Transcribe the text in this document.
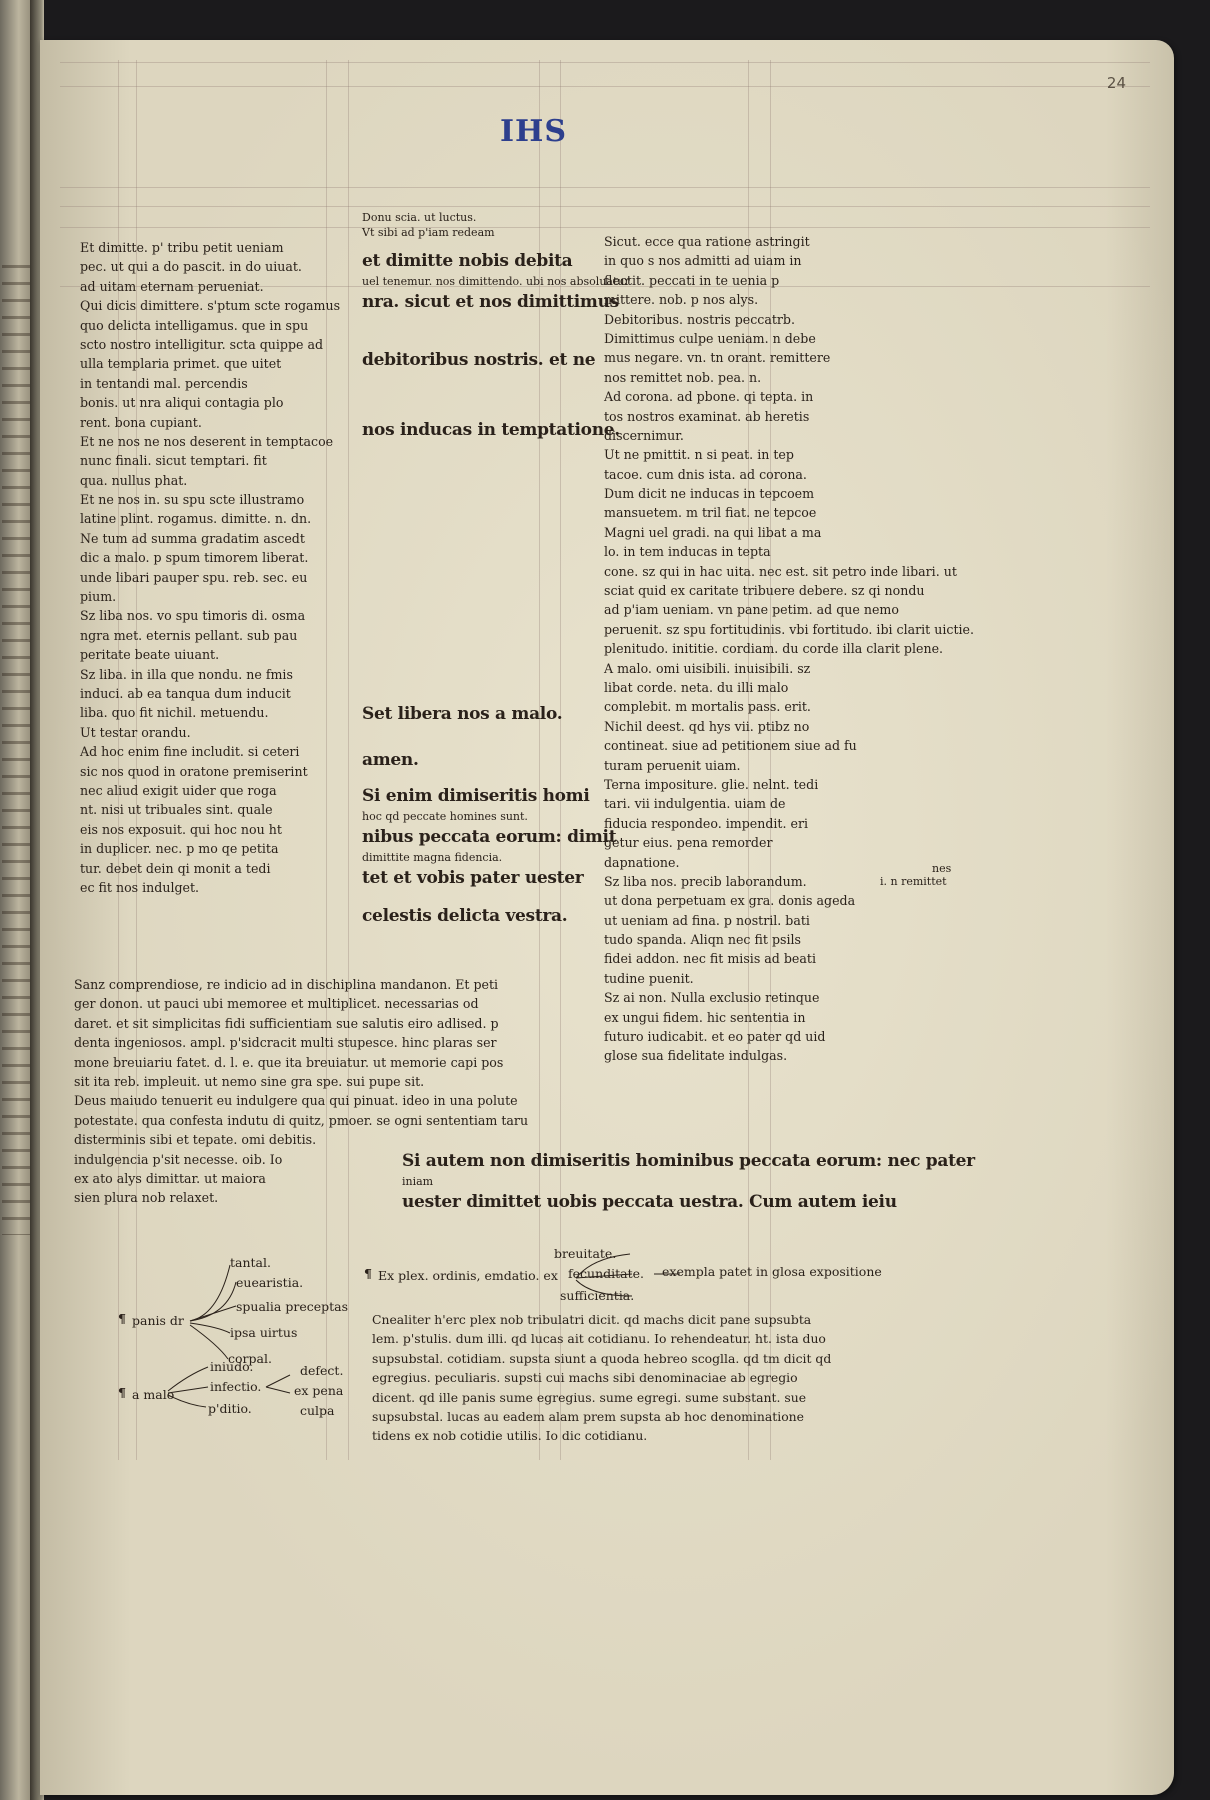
24
IHS
Et dimitte. p' tribu petit ueniam
pec. ut qui a do pascit. in do uiuat.
ad uitam eternam perueniat.
Qui dicis dimittere. s'ptum scte rogamus
quo delicta intelligamus. que in spu
scto nostro intelligitur. scta quippe ad
ulla templaria primet. que uitet
in tentandi mal. percendis
bonis. ut nra aliqui contagia plo
rent. bona cupiant.
Et ne nos ne nos deserent in temptacoe
nunc finali. sicut temptari. fit
qua. nullus phat.
Et ne nos in. su spu scte illustramo
latine plint. rogamus. dimitte. n. dn.
Ne tum ad summa gradatim ascedt
dic a malo. p spum timorem liberat.
unde libari pauper spu. reb. sec. eu
pium.
Sz liba nos. vo spu timoris di. osma
ngra met. eternis pellant. sub pau
peritate beate uiuant.
Sz liba. in illa que nondu. ne fmis
induci. ab ea tanqua dum inducit
liba. quo fit nichil. metuendu.
Ut testar orandu.
Ad hoc enim fine includit. si ceteri
sic nos quod in oratone premiserint
nec aliud exigit uider que roga
nt. nisi ut tribuales sint. quale
eis nos exposuit. qui hoc nou ht
in duplicer. nec. p mo qe petita
tur. debet dein qi monit a tedi
ec fit nos indulget.
Donu scia. ut luctus.
Vt sibi ad p'iam redeam
et dimitte nobis debita
uel tenemur. nos dimittendo. ubi nos absoluatur
nra. sicut et nos dimittimus
debitoribus nostris. et ne
nos inducas in temptatione.
Set libera nos a malo.
amen.
Si enim dimiseritis homi
hoc qd peccate homines sunt.
nibus peccata eorum: dimit
dimittite magna fidencia.
tet et vobis pater uester
celestis delicta vestra.
Sicut. ecce qua ratione astringit
in quo s nos admitti ad uiam in
flectit. peccati in te uenia p
mittere. nob. p nos alys.
Debitoribus. nostris peccatrb.
Dimittimus culpe ueniam. n debe
mus negare. vn. tn orant. remittere
nos remittet nob. pea. n.
Ad corona. ad pbone. qi tepta. in
tos nostros examinat. ab heretis
discernimur.
Ut ne pmittit. n si peat. in tep
tacoe. cum dnis ista. ad corona.
Dum dicit ne inducas in tepcoem
mansuetem. m tril fiat. ne tepcoe
Magni uel gradi. na qui libat a ma
lo. in tem inducas in tepta
cone. sz qui in hac uita. nec est. sit petro inde libari. ut
sciat quid ex caritate tribuere debere. sz qi nondu
ad p'iam ueniam. vn pane petim. ad que nemo
peruenit. sz spu fortitudinis. vbi fortitudo. ibi clarit uictie.
plenitudo. inititie. cordiam. du corde illa clarit plene.
A malo. omi uisibili. inuisibili. sz
libat corde. neta. du illi malo
complebit. m mortalis pass. erit.
Nichil deest. qd hys vii. ptibz no
contineat. siue ad petitionem siue ad fu
turam peruenit uiam.
Terna impositure. glie. nelnt. tedi
tari. vii indulgentia. uiam de
fiducia respondeo. impendit. eri
getur eius. pena remorder
dapnatione.
Sz liba nos. precib laborandum.
ut dona perpetuam ex gra. donis ageda
ut ueniam ad fina. p nostril. bati
tudo spanda. Aliqn nec fit psils
fidei addon. nec fit misis ad beati
tudine puenit.
Sz ai non. Nulla exclusio retinque
ex ungui fidem. hic sententia in
futuro iudicabit. et eo pater qd uid
glose sua fidelitate indulgas.
nes
i. n remittet
Sanz comprendiose, re indicio ad in dischiplina mandanon. Et peti
ger donon. ut pauci ubi memoree et multiplicet. necessarias od
daret. et sit simplicitas fidi sufficientiam sue salutis eiro adlised. p
denta ingeniosos. ampl. p'sidcracit multi stupesce. hinc plaras ser
mone breuiariu fatet. d. l. e. que ita breuiatur. ut memorie capi pos
sit ita reb. impleuit. ut nemo sine gra spe. sui pupe sit.
Deus maiudo tenuerit eu indulgere qua qui pinuat. ideo in una polute
potestate. qua confesta indutu di quitz, pmoer. se ogni sententiam taru
disterminis sibi et tepate. omi debitis.
indulgencia p'sit necesse. oib. Io
ex ato alys dimittar. ut maiora
sien plura nob relaxet.
Si autem non dimiseritis hominibus peccata eorum: nec pater
iniam
uester dimittet uobis peccata uestra. Cum autem ieiu
¶ panis dr
tantal.
euearistia.
spualia preceptas
ipsa uirtus
corpal.
¶ a malo
iniudo.
infectio.
p'ditio.
defect.
ex pena
culpa
¶ Ex plex. ordinis, emdatio. ex
breuitate.
fecunditate.
sufficientia.
exempla patet in glosa expositione
Cnealiter h'erc plex nob tribulatri dicit. qd machs dicit pane supsubta
lem. p'stulis. dum illi. qd lucas ait cotidianu. Io rehendeatur. ht. ista duo
supsubstal. cotidiam. supsta siunt a quoda hebreo scoglla. qd tm dicit qd
egregius. peculiaris. supsti cui machs sibi denominaciae ab egregio
dicent. qd ille panis sume egregius. sume egregi. sume substant. sue
supsubstal. lucas au eadem alam prem supsta ab hoc denominatione
tidens ex nob cotidie utilis. Io dic cotidianu.
